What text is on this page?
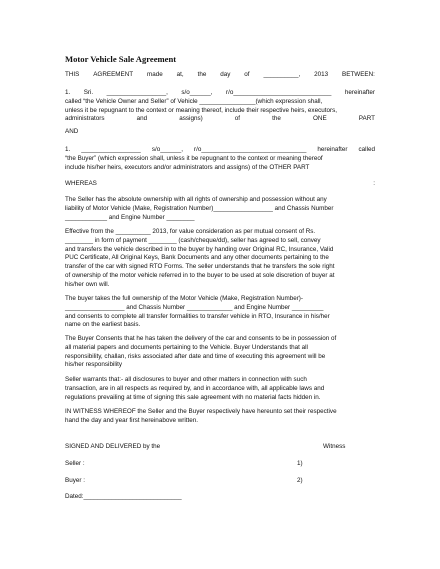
Motor Vehicle Sale Agreement
THIS AGREEMENT made at, the day of __________, 2013 BETWEEN:
1. Sri. _________________, s/o______, r/o____________________________ hereinafter
called “the Vehicle Owner and Seller” of Vehicle ________________(which expression shall,
unless it be repugnant to the context or meaning thereof, include their respective heirs, executors,
administrators	and	assigns)	of	the	ONE	PART
AND
1. _________________ s/o______, r/o______________________________ hereinafter called
“the Buyer” (which expression shall, unless it be repugnant to the context or meaning thereof
include his/her heirs, executors and/or administrators and assigns) of the OTHER PART
WHEREAS	:
The Seller has the absolute ownership with all rights of ownership and possession without any
liability of Motor Vehicle (Make, Registration Number)_________________ and Chassis Number
____________ and Engine Number ________
Effective from the __________ 2013, for value consideration as per mutual consent of Rs.
________ in form of payment ________ (cash/cheque/dd), seller has agreed to sell, convey
and transfers the vehicle described in to the buyer by handing over Original RC, Insurance, Valid
PUC Certificate, All Original Keys, Bank Documents and any other documents pertaining to the
transfer of the car with signed RTO Forms. The seller understands that he transfers the sole right
of ownership of the motor vehicle referred in to the buyer to be used at sole discretion of buyer at
his/her own will.
The buyer takes the full ownership of the Motor Vehicle (Make, Registration Number)-
_________________ and Chassis Number _____________ and Engine Number _________
and consents to complete all transfer formalities to transfer vehicle in RTO, Insurance in his/her
name on the earliest basis.
The Buyer Consents that he has taken the delivery of the car and consents to be in possession of
all material papers and documents pertaining to the Vehicle. Buyer Understands that all
responsibility, challan, risks associated after date and time of executing this agreement will be
his/her responsibility
Seller warrants that:- all disclosures to buyer and other matters in connection with such
transaction, are in all respects as required by, and in accordance with, all applicable laws and
regulations prevailing at time of signing this sale agreement with no material facts hidden in.
IN WITNESS WHEREOF the Seller and the Buyer respectively have hereunto set their respective
hand the day and year first hereinabove written.
SIGNED AND DELIVERED by the	Witness
Seller :	1)
Buyer :	2)
Dated:____________________________
